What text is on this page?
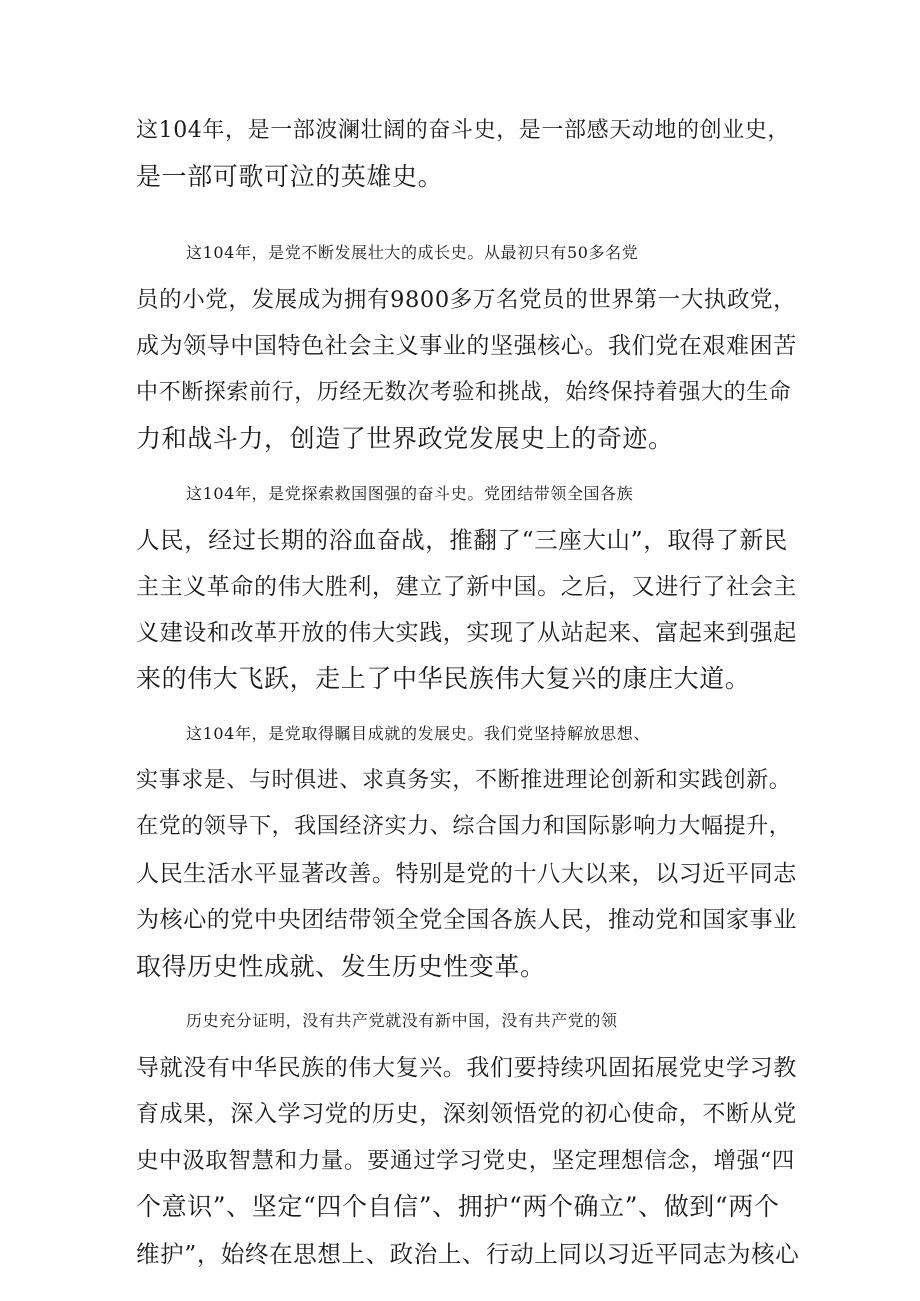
这104年，是一部波澜壮阔的奋斗史，是一部感天动地的创业史，
是一部可歌可泣的英雄史。
这104年，是党不断发展壮大的成长史。从最初只有50多名党
员的小党，发展成为拥有9800多万名党员的世界第一大执政党，
成为领导中国特色社会主义事业的坚强核心。我们党在艰难困苦
中不断探索前行，历经无数次考验和挑战，始终保持着强大的生命
力和战斗力，创造了世界政党发展史上的奇迹。
这104年，是党探索救国图强的奋斗史。党团结带领全国各族
人民，经过长期的浴血奋战，推翻了“三座大山”，取得了新民
主主义革命的伟大胜利，建立了新中国。之后，又进行了社会主
义建设和改革开放的伟大实践，实现了从站起来、富起来到强起
来的伟大飞跃，走上了中华民族伟大复兴的康庄大道。
这104年，是党取得瞩目成就的发展史。我们党坚持解放思想、
实事求是、与时俱进、求真务实，不断推进理论创新和实践创新。
在党的领导下，我国经济实力、综合国力和国际影响力大幅提升，
人民生活水平显著改善。特别是党的十八大以来，以习近平同志
为核心的党中央团结带领全党全国各族人民，推动党和国家事业
取得历史性成就、发生历史性变革。
历史充分证明，没有共产党就没有新中国，没有共产党的领
导就没有中华民族的伟大复兴。我们要持续巩固拓展党史学习教
育成果，深入学习党的历史，深刻领悟党的初心使命，不断从党
史中汲取智慧和力量。要通过学习党史，坚定理想信念，增强“四
个意识”、坚定“四个自信”、拥护“两个确立”、做到“两个
维护”，始终在思想上、政治上、行动上同以习近平同志为核心
